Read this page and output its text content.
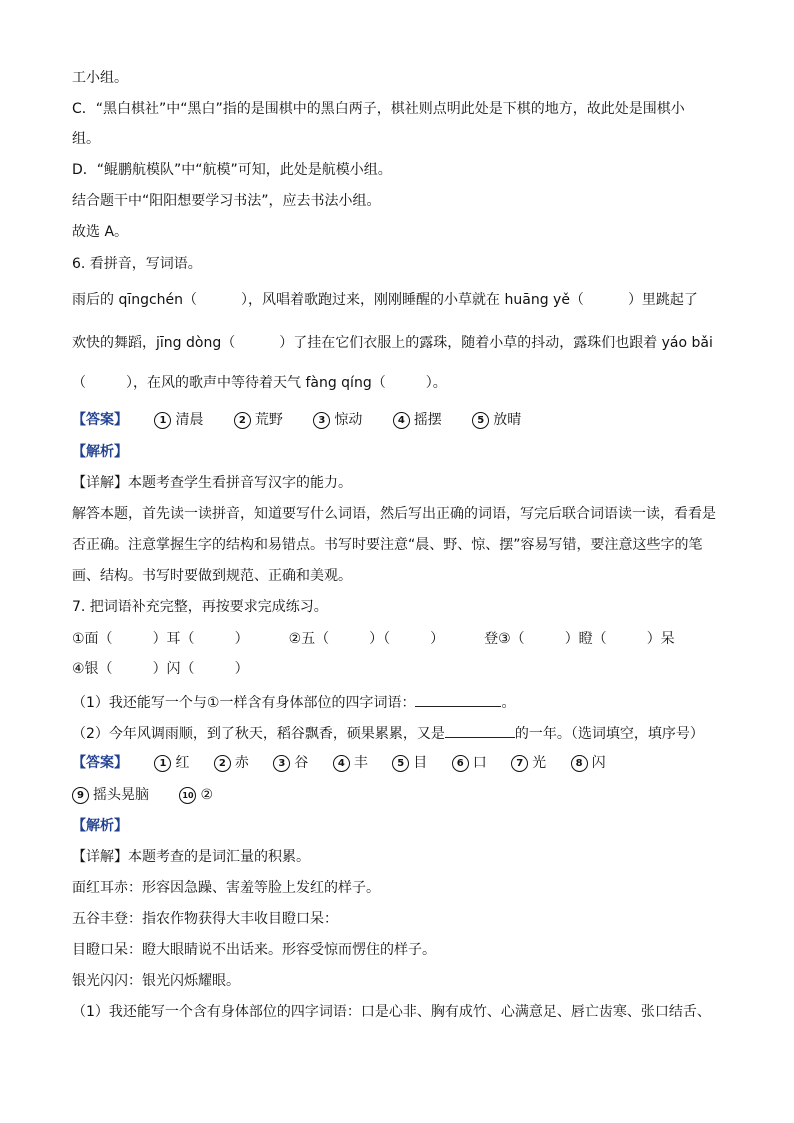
工小组。
C．“黑白棋社”中“黑白”指的是围棋中的黑白两子，棋社则点明此处是下棋的地方，故此处是围棋小
组。
D．“鲲鹏航模队”中“航模”可知，此处是航模小组。
结合题干中“阳阳想要学习书法”，应去书法小组。
故选 A。
6. 看拼音，写词语。
雨后的 qīngchén（	），风唱着歌跑过来，刚刚睡醒的小草就在 huāng yě（	）里跳起了
欢快的舞蹈，jīng dòng（	）了挂在它们衣服上的露珠，随着小草的抖动，露珠们也跟着 yáo bǎi
（	），在风的歌声中等待着天气 fàng qíng（	）。
【答案】	1 清晨	2 荒野	3 惊动	4 摇摆	5 放晴
【解析】
【详解】本题考查学生看拼音写汉字的能力。
解答本题，首先读一读拼音，知道要写什么词语，然后写出正确的词语，写完后联合词语读一读，看看是
否正确。注意掌握生字的结构和易错点。书写时要注意“晨、野、惊、摆”容易写错，要注意这些字的笔
画、结构。书写时要做到规范、正确和美观。
7. 把词语补充完整，再按要求完成练习。
①面（	）耳（	）	②五（	）（	）	登③（	）瞪（	）呆
④银（	）闪（	）
（1）我还能写一个与①一样含有身体部位的四字词语：	。
（2）今年风调雨顺，到了秋天，稻谷飘香，硕果累累，又是	的一年。（选词填空，填序号）
【答案】	1 红	2 赤	3 谷	4 丰	5 目	6 口	7 光	8 闪
9 摇头晃脑	10 ②
【解析】
【详解】本题考查的是词汇量的积累。
面红耳赤：形容因急躁、害羞等脸上发红的样子。
五谷丰登：指农作物获得大丰收目瞪口呆：
目瞪口呆：瞪大眼睛说不出话来。形容受惊而愣住的样子。
银光闪闪：银光闪烁耀眼。
（1）我还能写一个含有身体部位的四字词语：口是心非、胸有成竹、心满意足、唇亡齿寒、张口结舌、
